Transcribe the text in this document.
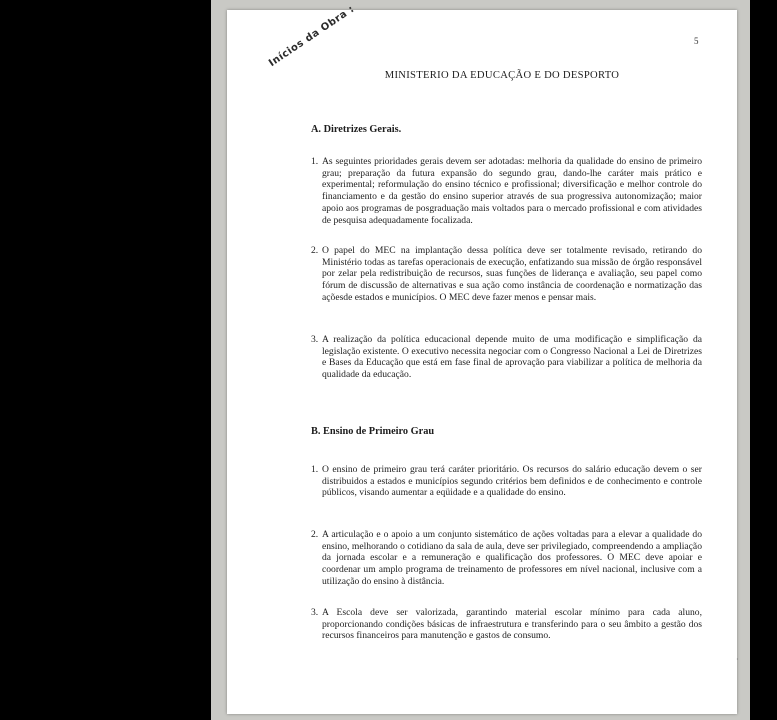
5
Inícios da Obra :
MINISTERIO DA EDUCAÇÃO E DO DESPORTO
A. Diretrizes Gerais.
1. As seguintes prioridades gerais devem ser adotadas: melhoria da qualidade do ensino de primeiro grau; preparação da futura expansão do segundo grau, dando-lhe caráter mais prático e experimental; reformulação do ensino técnico e profissional; diversificação e melhor controle do financiamento e da gestão do ensino superior através de sua progressiva autonomização; maior apoio aos programas de posgraduação mais voltados para o mercado profissional e com atividades de pesquisa adequadamente focalizada.
2. O papel do MEC na implantação dessa política deve ser totalmente revisado, retirando do Ministério todas as tarefas operacionais de execução, enfatizando sua missão de órgão responsável por zelar pela redistribuição de recursos, suas funções de liderança e avaliação, seu papel como fórum de discussão de alternativas e sua ação como instância de coordenação e normatização das açõesde estados e municípios. O MEC deve fazer menos e pensar mais.
3. A realização da política educacional depende muito de uma modificação e simplificação da legislação existente. O executivo necessita negociar com o Congresso Nacional a Lei de Diretrizes e Bases da Educação que está em fase final de aprovação para viabilizar a política de melhoria da qualidade da educação.
B. Ensino de Primeiro Grau
1. O ensino de primeiro grau terá caráter prioritário. Os recursos do salário educação devem o ser distribuidos a estados e municípios segundo critérios bem definidos e de conhecimento e controle públicos, visando aumentar a eqüidade e a qualidade do ensino.
2. A articulação e o apoio a um conjunto sistemático de ações voltadas para a elevar a qualidade do ensino, melhorando o cotidiano da sala de aula, deve ser privilegiado, compreendendo a ampliação da jornada escolar e a remuneração e qualificação dos professores. O MEC deve apoiar e coordenar um amplo programa de treinamento de professores em nível nacional, inclusive com a utilização do ensino à distância.
3. A Escola deve ser valorizada, garantindo material escolar mínimo para cada aluno, proporcionando condições básicas de infraestrutura e transferindo para o seu âmbito a gestão dos recursos financeiros para manutenção e gastos de consumo.
·
